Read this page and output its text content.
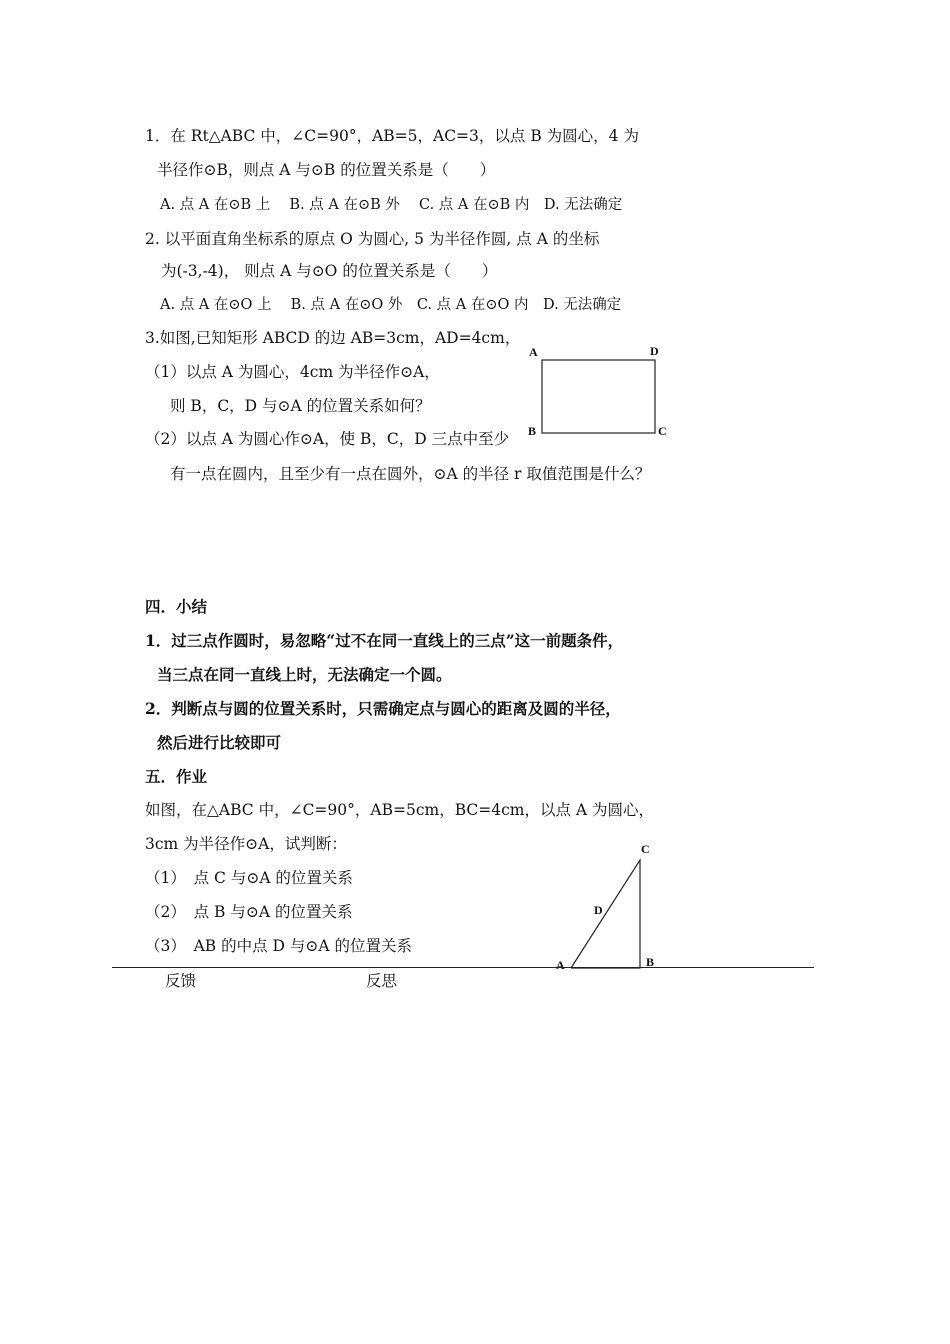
1．在 Rt△ABC 中，∠C=90°，AB=5，AC=3，以点 B 为圆心，4 为
半径作⊙B，则点 A 与⊙B 的位置关系是（　　）
A. 点 A 在⊙B 上　 B. 点 A 在⊙B 外　 C. 点 A 在⊙B 内　D. 无法确定
2. 以平面直角坐标系的原点 O 为圆心, 5 为半径作圆, 点 A 的坐标
为(-3,-4)， 则点 A 与⊙O 的位置关系是（　　）
A. 点 A 在⊙O 上　 B. 点 A 在⊙O 外　C. 点 A 在⊙O 内　D. 无法确定
3.如图,已知矩形 ABCD 的边 AB=3cm，AD=4cm，
（1）以点 A 为圆心，4cm 为半径作⊙A，
则 B，C，D 与⊙A 的位置关系如何？
（2）以点 A 为圆心作⊙A，使 B，C，D 三点中至少
有一点在圆内，且至少有一点在圆外，⊙A 的半径 r 取值范围是什么？
A	D
B	C
四．小结
1．过三点作圆时，易忽略“过不在同一直线上的三点”这一前题条件，
当三点在同一直线上时，无法确定一个圆。
2．判断点与圆的位置关系时，只需确定点与圆心的距离及圆的半径，
然后进行比较即可
五．作业
如图，在△ABC 中，∠C=90°，AB=5cm，BC=4cm，以点 A 为圆心，
3cm 为半径作⊙A，试判断：
（1）　点 C 与⊙A 的位置关系
（2）　点 B 与⊙A 的位置关系
（3）　AB 的中点 D 与⊙A 的位置关系
C
D
A	B
反馈	反思
